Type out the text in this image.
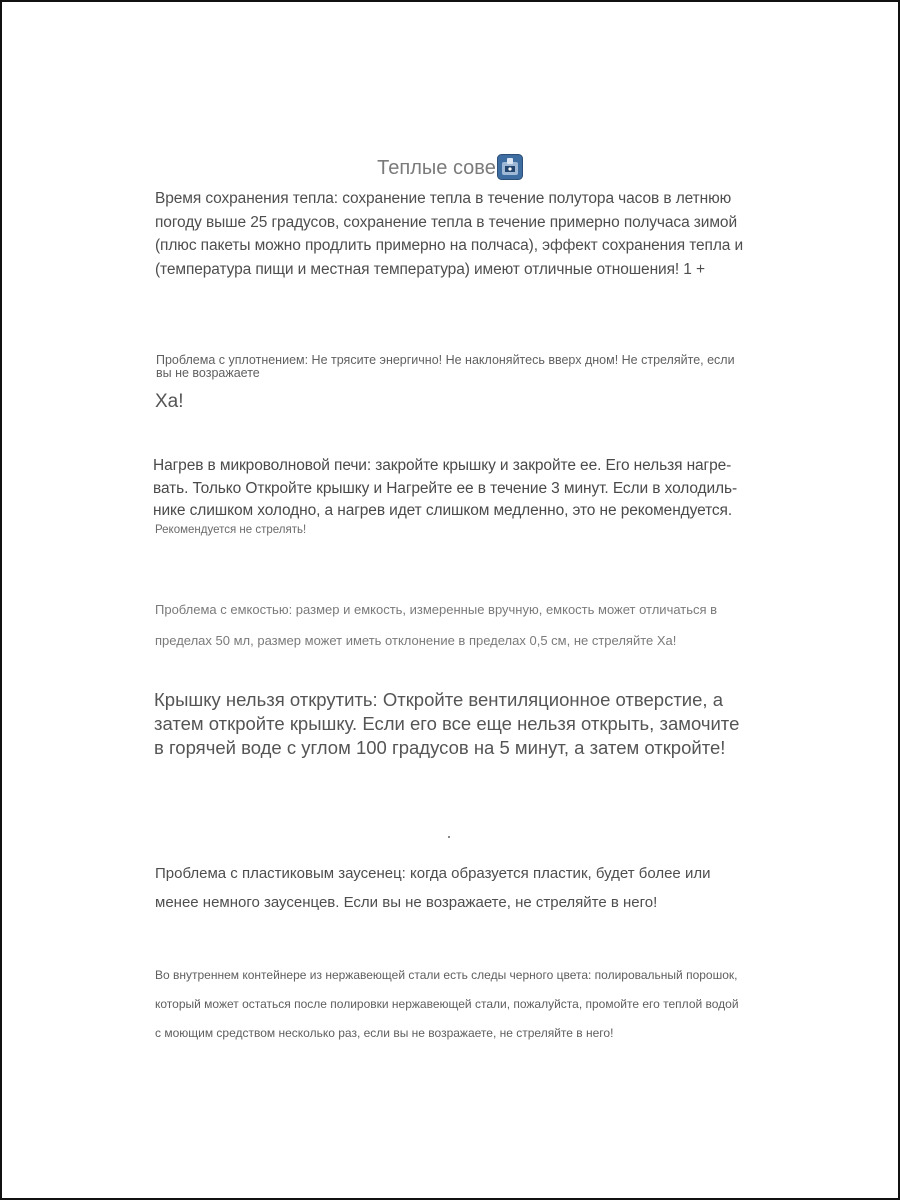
Теплые сове

Время сохранения тепла: сохранение тепла в течение полутора часов в летнюю погоду выше 25 градусов, сохранение тепла в течение примерно получаса зимой (плюс пакеты можно продлить примерно на полчаса), эффект сохранения тепла и (температура пищи и местная температура) имеют отличные отношения! 1 +

Проблема с уплотнением: Не трясите энергично! Не наклоняйтесь вверх дном! Не стреляйте, если вы не возражаете

Ха!

Нагрев в микроволновой печи: закройте крышку и закройте ее. Его нельзя нагревать. Только Откройте крышку и Нагрейте ее в течение 3 минут. Если в холодильнике слишком холодно, а нагрев идет слишком медленно, это не рекомендуется.

Рекомендуется не стрелять!

Проблема с емкостью: размер и емкость, измеренные вручную, емкость может отличаться в пределах 50 мл, размер может иметь отклонение в пределах 0,5 см, не стреляйте Ха!

Крышку нельзя открутить: Откройте вентиляционное отверстие, а затем откройте крышку. Если его все еще нельзя открыть, замочите в горячей воде с углом 100 градусов на 5 минут, а затем откройте!

Проблема с пластиковым заусенец: когда образуется пластик, будет более или менее немного заусенцев. Если вы не возражаете, не стреляйте в него!

Во внутреннем контейнере из нержавеющей стали есть следы черного цвета: полировальный порошок, который может остаться после полировки нержавеющей стали, пожалуйста, промойте его теплой водой с моющим средством несколько раз, если вы не возражаете, не стреляйте в него!
